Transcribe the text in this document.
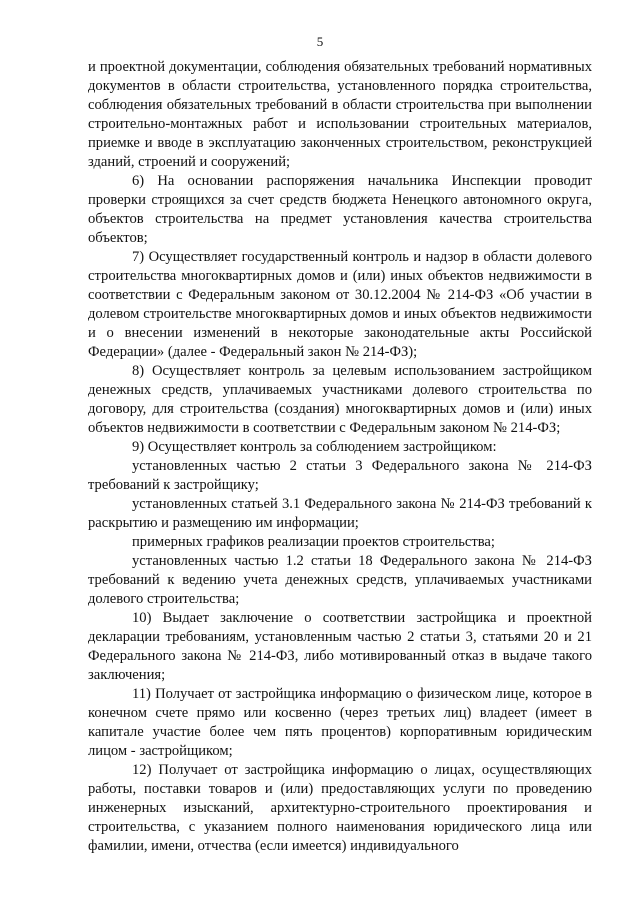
5

и проектной документации, соблюдения обязательных требований нормативных документов в области строительства, установленного порядка строительства, соблюдения обязательных требований в области строительства при выполнении строительно-монтажных работ и использовании строительных материалов, приемке и вводе в эксплуатацию законченных строительством, реконструкцией зданий, строений и сооружений;

6) На основании распоряжения начальника Инспекции проводит проверки строящихся за счет средств бюджета Ненецкого автономного округа, объектов строительства на предмет установления качества строительства объектов;

7) Осуществляет государственный контроль и надзор в области долевого строительства многоквартирных домов и (или) иных объектов недвижимости в соответствии с Федеральным законом от 30.12.2004 № 214-ФЗ «Об участии в долевом строительстве многоквартирных домов и иных объектов недвижимости и о внесении изменений в некоторые законодательные акты Российской Федерации» (далее - Федеральный закон № 214-ФЗ);

8) Осуществляет контроль за целевым использованием застройщиком денежных средств, уплачиваемых участниками долевого строительства по договору, для строительства (создания) многоквартирных домов и (или) иных объектов недвижимости в соответствии с Федеральным законом № 214-ФЗ;

9) Осуществляет контроль за соблюдением застройщиком:

установленных частью 2 статьи 3 Федерального закона № 214-ФЗ требований к застройщику;

установленных статьей 3.1 Федерального закона № 214-ФЗ требований к раскрытию и размещению им информации;

примерных графиков реализации проектов строительства;

установленных частью 1.2 статьи 18 Федерального закона № 214-ФЗ требований к ведению учета денежных средств, уплачиваемых участниками долевого строительства;

10) Выдает заключение о соответствии застройщика и проектной декларации требованиям, установленным частью 2 статьи 3, статьями 20 и 21 Федерального закона № 214-ФЗ, либо мотивированный отказ в выдаче такого заключения;

11) Получает от застройщика информацию о физическом лице, которое в конечном счете прямо или косвенно (через третьих лиц) владеет (имеет в капитале участие более чем пять процентов) корпоративным юридическим лицом - застройщиком;

12) Получает от застройщика информацию о лицах, осуществляющих работы, поставки товаров и (или) предоставляющих услуги по проведению инженерных изысканий, архитектурно-строительного проектирования и строительства, с указанием полного наименования юридического лица или фамилии, имени, отчества (если имеется) индивидуального
